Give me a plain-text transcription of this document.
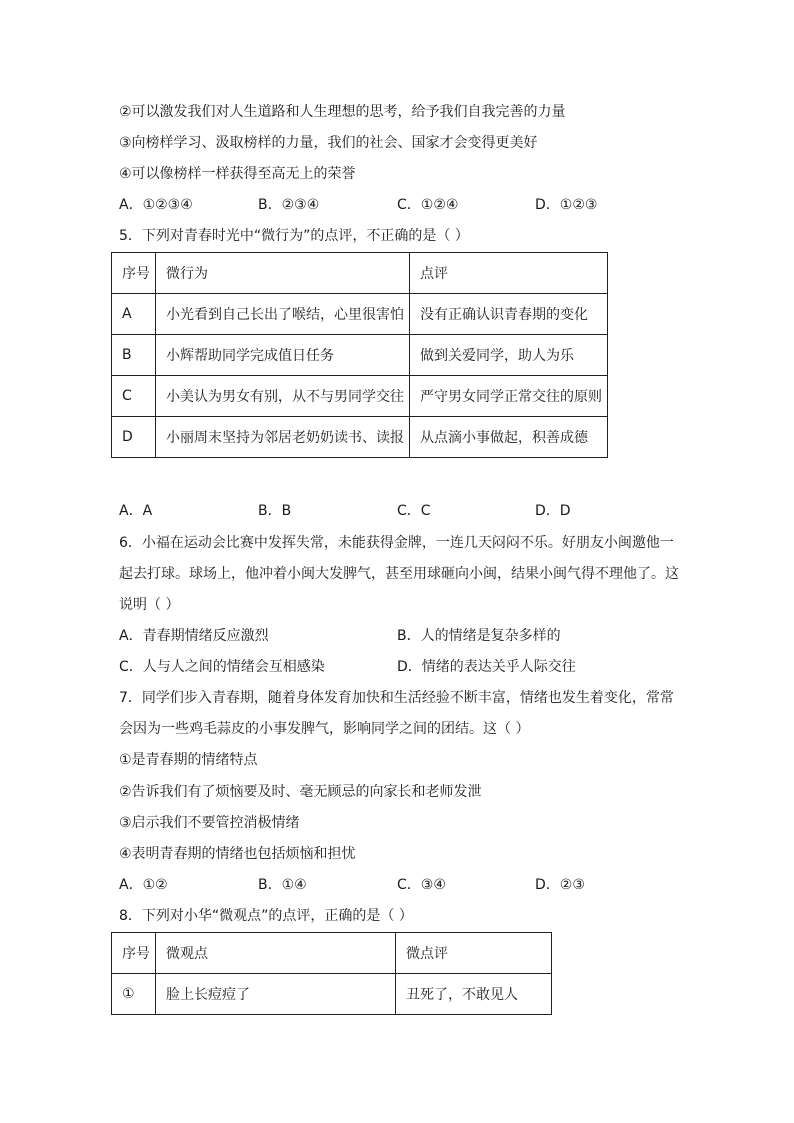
②可以激发我们对人生道路和人生理想的思考，给予我们自我完善的力量
③向榜样学习、汲取榜样的力量，我们的社会、国家才会变得更美好
④可以像榜样一样获得至高无上的荣誉
A．①②③④	B．②③④	C．①②④	D．①②③
5．下列对青春时光中“微行为”的点评，不正确的是（ ）
序号	微行为	点评
A	小光看到自己长出了喉结，心里很害怕	没有正确认识青春期的变化
B	小辉帮助同学完成值日任务	做到关爱同学，助人为乐
C	小美认为男女有别，从不与男同学交往	严守男女同学正常交往的原则
D	小丽周末坚持为邻居老奶奶读书、读报	从点滴小事做起，积善成德
A．A	B．B	C．C	D．D
6．小福在运动会比赛中发挥失常，未能获得金牌，一连几天闷闷不乐。好朋友小闽邀他一
起去打球。球场上，他冲着小闽大发脾气，甚至用球砸向小闽，结果小闽气得不理他了。这
说明（ ）
A．青春期情绪反应激烈	B．人的情绪是复杂多样的
C．人与人之间的情绪会互相感染	D．情绪的表达关乎人际交往
7．同学们步入青春期，随着身体发育加快和生活经验不断丰富，情绪也发生着变化，常常
会因为一些鸡毛蒜皮的小事发脾气，影响同学之间的团结。这（ ）
①是青春期的情绪特点
②告诉我们有了烦恼要及时、毫无顾忌的向家长和老师发泄
③启示我们不要管控消极情绪
④表明青春期的情绪也包括烦恼和担忧
A．①②	B．①④	C．③④	D．②③
8．下列对小华“微观点”的点评，正确的是（ ）
序号	微观点	微点评
①	脸上长痘痘了	丑死了，不敢见人
